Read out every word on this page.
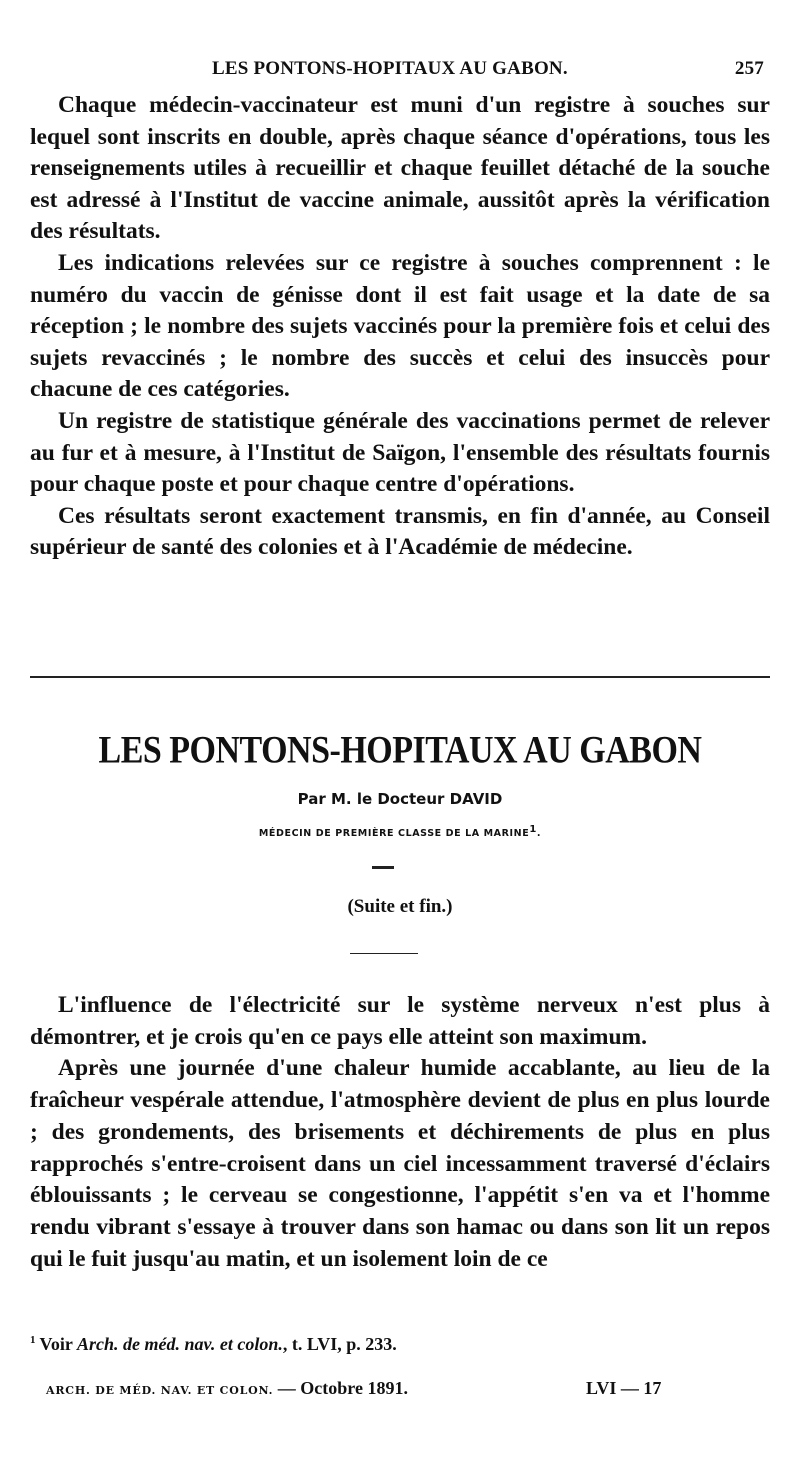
LES PONTONS-HOPITAUX AU GABON.	257

Chaque médecin-vaccinateur est muni d'un registre à souches sur lequel sont inscrits en double, après chaque séance d'opérations, tous les renseignements utiles à recueillir et chaque feuillet détaché de la souche est adressé à l'Institut de vaccine animale, aussitôt après la vérification des résultats.

Les indications relevées sur ce registre à souches comprennent : le numéro du vaccin de génisse dont il est fait usage et la date de sa réception ; le nombre des sujets vaccinés pour la première fois et celui des sujets revaccinés ; le nombre des succès et celui des insuccès pour chacune de ces catégories.

Un registre de statistique générale des vaccinations permet de relever au fur et à mesure, à l'Institut de Saïgon, l'ensemble des résultats fournis pour chaque poste et pour chaque centre d'opérations.

Ces résultats seront exactement transmis, en fin d'année, au Conseil supérieur de santé des colonies et à l'Académie de médecine.

LES PONTONS-HOPITAUX AU GABON
Par M. le Docteur DAVID
MÉDECIN DE PREMIÈRE CLASSE DE LA MARINE$^1$.
(Suite et fin.)

L'influence de l'électricité sur le système nerveux n'est plus à démontrer, et je crois qu'en ce pays elle atteint son maximum.

Après une journée d'une chaleur humide accablante, au lieu de la fraîcheur vespérale attendue, l'atmosphère devient de plus en plus lourde ; des grondements, des brisements et déchirements de plus en plus rapprochés s'entre-croisent dans un ciel incessamment traversé d'éclairs éblouissants ; le cerveau se congestionne, l'appétit s'en va et l'homme rendu vibrant s'essaye à trouver dans son hamac ou dans son lit un repos qui le fuit jusqu'au matin, et un isolement loin de ce

$^1$ Voir Arch. de méd. nav. et colon., t. LVI, p. 233.
ARCH. DE MÉD. NAV. ET COLON. — Octobre 1891.	LVI — 17
